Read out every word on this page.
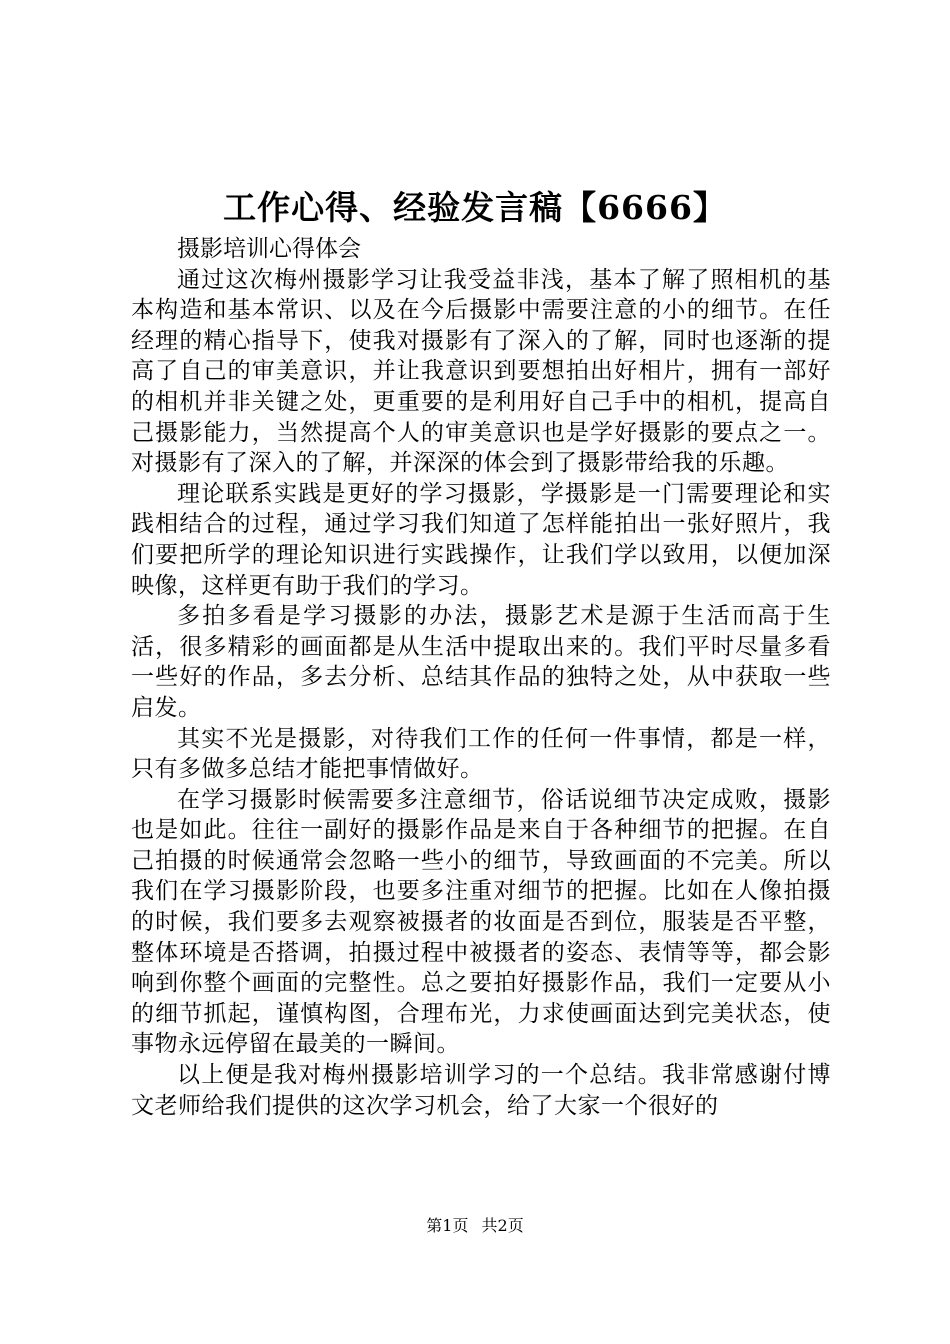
工作心得、经验发言稿【6666】

摄影培训心得体会

通过这次梅州摄影学习让我受益非浅，基本了解了照相机的基本构造和基本常识、以及在今后摄影中需要注意的小的细节。在任经理的精心指导下，使我对摄影有了深入的了解，同时也逐渐的提高了自己的审美意识，并让我意识到要想拍出好相片，拥有一部好的相机并非关键之处，更重要的是利用好自己手中的相机，提高自己摄影能力，当然提高个人的审美意识也是学好摄影的要点之一。对摄影有了深入的了解，并深深的体会到了摄影带给我的乐趣。

理论联系实践是更好的学习摄影，学摄影是一门需要理论和实践相结合的过程，通过学习我们知道了怎样能拍出一张好照片，我们要把所学的理论知识进行实践操作，让我们学以致用，以便加深映像，这样更有助于我们的学习。

多拍多看是学习摄影的办法，摄影艺术是源于生活而高于生活，很多精彩的画面都是从生活中提取出来的。我们平时尽量多看一些好的作品，多去分析、总结其作品的独特之处，从中获取一些启发。

其实不光是摄影，对待我们工作的任何一件事情，都是一样，只有多做多总结才能把事情做好。

在学习摄影时候需要多注意细节，俗话说细节决定成败，摄影也是如此。往往一副好的摄影作品是来自于各种细节的把握。在自己拍摄的时候通常会忽略一些小的细节，导致画面的不完美。所以我们在学习摄影阶段，也要多注重对细节的把握。比如在人像拍摄的时候，我们要多去观察被摄者的妆面是否到位，服装是否平整，整体环境是否搭调，拍摄过程中被摄者的姿态、表情等等，都会影响到你整个画面的完整性。总之要拍好摄影作品，我们一定要从小的细节抓起，谨慎构图，合理布光，力求使画面达到完美状态，使事物永远停留在最美的一瞬间。

以上便是我对梅州摄影培训学习的一个总结。我非常感谢付博文老师给我们提供的这次学习机会，给了大家一个很好的

第1页 共2页
